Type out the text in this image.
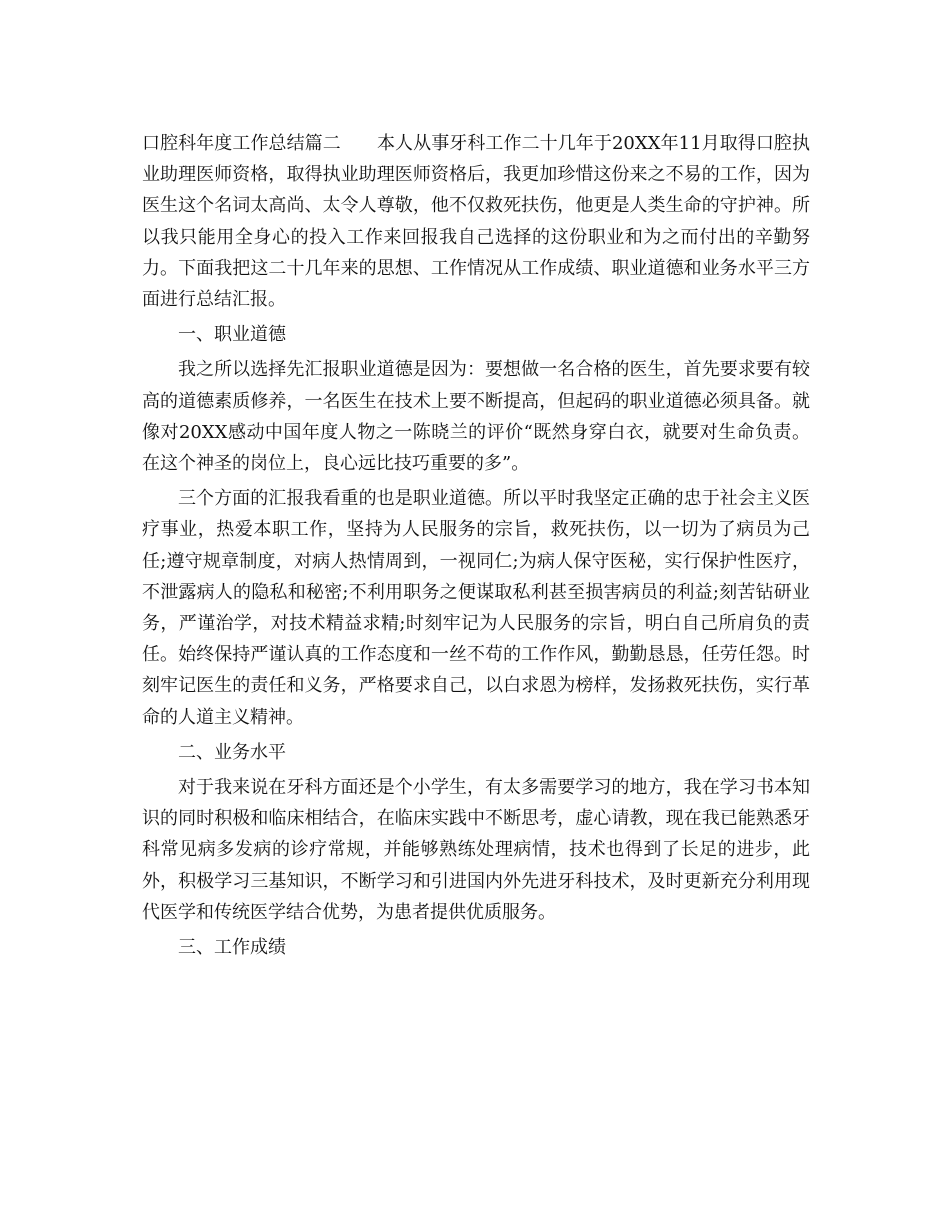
口腔科年度工作总结篇二　　 本人从事牙科工作二十几年于20XX年11月取得口腔执业助理医师资格，取得执业助理医师资格后，我更加珍惜这份来之不易的工作，因为医生这个名词太高尚、太令人尊敬，他不仅救死扶伤，他更是人类生命的守护神。所以我只能用全身心的投入工作来回报我自己选择的这份职业和为之而付出的辛勤努力。下面我把这二十几年来的思想、工作情况从工作成绩、职业道德和业务水平三方面进行总结汇报。

一、职业道德

我之所以选择先汇报职业道德是因为：要想做一名合格的医生，首先要求要有较高的道德素质修养，一名医生在技术上要不断提高，但起码的职业道德必须具备。就像对20XX感动中国年度人物之一陈晓兰的评价“既然身穿白衣，就要对生命负责。在这个神圣的岗位上，良心远比技巧重要的多”。

三个方面的汇报我看重的也是职业道德。所以平时我坚定正确的忠于社会主义医疗事业，热爱本职工作，坚持为人民服务的宗旨，救死扶伤，以一切为了病员为己任;遵守规章制度，对病人热情周到，一视同仁;为病人保守医秘，实行保护性医疗，不泄露病人的隐私和秘密;不利用职务之便谋取私利甚至损害病员的利益;刻苦钻研业务，严谨治学，对技术精益求精;时刻牢记为人民服务的宗旨，明白自己所肩负的责任。始终保持严谨认真的工作态度和一丝不苟的工作作风，勤勤恳恳，任劳任怨。时刻牢记医生的责任和义务，严格要求自己，以白求恩为榜样，发扬救死扶伤，实行革命的人道主义精神。

二、业务水平

对于我来说在牙科方面还是个小学生，有太多需要学习的地方，我在学习书本知识的同时积极和临床相结合，在临床实践中不断思考，虚心请教，现在我已能熟悉牙科常见病多发病的诊疗常规，并能够熟练处理病情，技术也得到了长足的进步，此外，积极学习三基知识，不断学习和引进国内外先进牙科技术，及时更新充分利用现代医学和传统医学结合优势，为患者提供优质服务。

三、工作成绩
